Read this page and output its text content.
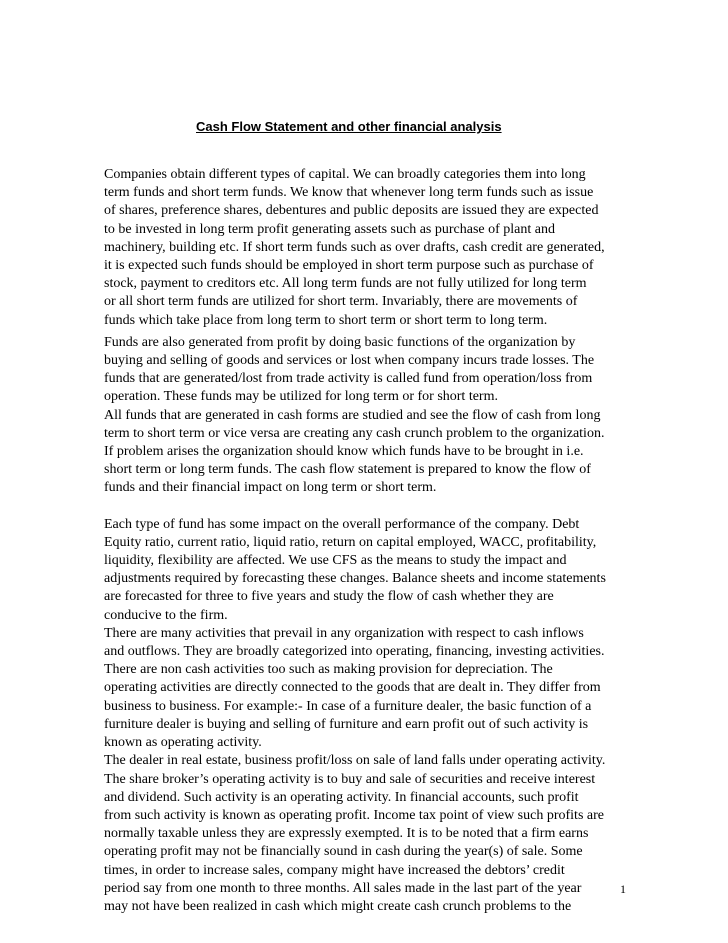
Cash Flow Statement and other financial analysis

Companies obtain different types of capital. We can broadly categories them into long
term funds and short term funds. We know that whenever long term funds such as issue
of shares, preference shares, debentures and public deposits are issued they are expected
to be invested in long term profit generating assets such as purchase of plant and
machinery, building etc. If short term funds such as over drafts, cash credit are generated,
it is expected such funds should be employed in short term purpose such as purchase of
stock, payment to creditors etc. All long term funds are not fully utilized for long term
or all short term funds are utilized for short term. Invariably, there are movements of
funds which take place from long term to short term or short term to long term.

Funds are also generated from profit by doing basic functions of the organization by
buying and selling of goods and services or lost when company incurs trade losses. The
funds that are generated/lost from trade activity is called fund from operation/loss from
operation. These funds may be utilized for long term or for short term.
All funds that are generated in cash forms are studied and see the flow of cash from long
term to short term or vice versa are creating any cash crunch problem to the organization.
If problem arises the organization should know which funds have to be brought in i.e.
short term or long term funds. The cash flow statement is prepared to know the flow of
funds and their financial impact on long term or short term.

Each type of fund has some impact on the overall performance of the company. Debt
Equity ratio, current ratio, liquid ratio, return on capital employed, WACC, profitability,
liquidity, flexibility are affected. We use CFS as the means to study the impact and
adjustments required by forecasting these changes. Balance sheets and income statements
are forecasted for three to five years and study the flow of cash whether they are
conducive to the firm.
There are many activities that prevail in any organization with respect to cash inflows
and outflows. They are broadly categorized into operating, financing, investing activities.
There are non cash activities too such as making provision for depreciation. The
operating activities are directly connected to the goods that are dealt in. They differ from
business to business. For example:- In case of a furniture dealer, the basic function of a
furniture dealer is buying and selling of furniture and earn profit out of such activity is
known as operating activity.
The dealer in real estate, business profit/loss on sale of land falls under operating activity.
The share broker’s operating activity is to buy and sale of securities and receive interest
and dividend. Such activity is an operating activity. In financial accounts, such profit
from such activity is known as operating profit. Income tax point of view such profits are
normally taxable unless they are expressly exempted. It is to be noted that a firm earns
operating profit may not be financially sound in cash during the year(s) of sale. Some
times, in order to increase sales, company might have increased the debtors’ credit
period say from one month to three months. All sales made in the last part of the year
may not have been realized in cash which might create cash crunch problems to the

1
